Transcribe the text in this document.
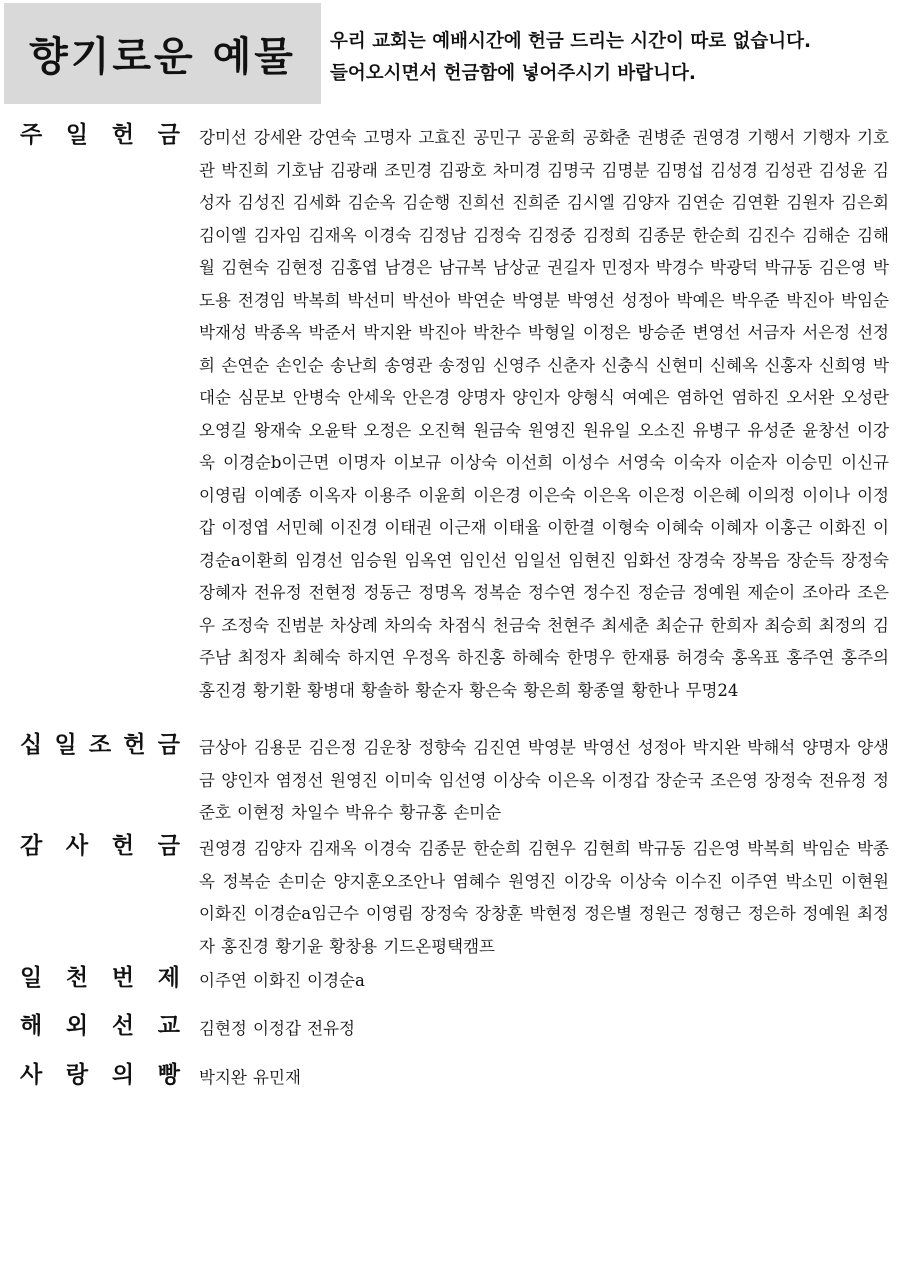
향기로운 예물 우리 교회는 예배시간에 헌금 드리는 시간이 따로 없습니다.
들어오시면서 헌금함에 넣어주시기 바랍니다.
주 일 헌 금 강미선 강세완 강연숙 고명자 고효진 공민구 공윤희 공화춘 권병준 권영경 기행서 기행자 기호관 박진희 기호남 김광래 조민경 김광호 차미경 김명국 김명분 김명섭 김성경 김성관 김성윤 김성자 김성진 김세화 김순옥 김순행 진희선 진희준 김시엘 김양자 김연순 김연환 김원자 김은회 김이엘 김자임 김재옥 이경숙 김정남 김정숙 김정중 김정희 김종문 한순희 김진수 김해순 김해월 김현숙 김현정 김홍엽 남경은 남규복 남상균 권길자 민정자 박경수 박광덕 박규동 김은영 박도용 전경임 박복희 박선미 박선아 박연순 박영분 박영선 성정아 박예은 박우준 박진아 박임순 박재성 박종옥 박준서 박지완 박진아 박찬수 박형일 이정은 방승준 변영선 서금자 서은정 선정희 손연순 손인순 송난희 송영관 송정임 신영주 신춘자 신충식 신현미 신혜옥 신홍자 신희영 박대순 심문보 안병숙 안세욱 안은경 양명자 양인자 양형식 여예은 염하언 염하진 오서완 오성란 오영길 왕재숙 오윤탁 오정은 오진혁 원금숙 원영진 원유일 오소진 유병구 유성준 윤창선 이강욱 이경순b이근면 이명자 이보규 이상숙 이선희 이성수 서영숙 이숙자 이순자 이승민 이신규 이영림 이예종 이옥자 이용주 이윤희 이은경 이은숙 이은옥 이은정 이은혜 이의정 이이나 이정갑 이정엽 서민혜 이진경 이태권 이근재 이태율 이한결 이형숙 이혜숙 이혜자 이홍근 이화진 이경순a이환희 임경선 임승원 임옥연 임인선 임일선 임현진 임화선 장경숙 장복음 장순득 장정숙 장혜자 전유정 전현정 정동근 정명옥 정복순 정수연 정수진 정순금 정예원 제순이 조아라 조은우 조정숙 진범분 차상례 차의숙 차점식 천금숙 천현주 최세춘 최순규 한희자 최승희 최정의 김주남 최정자 최혜숙 하지연 우정옥 하진홍 하혜숙 한명우 한재룡 허경숙 홍옥표 홍주연 홍주의 홍진경 황기환 황병대 황솔하 황순자 황은숙 황은희 황종열 황한나 무명24
십 일 조 헌 금 금상아 김용문 김은정 김운창 정향숙 김진연 박영분 박영선 성정아 박지완 박해석 양명자 양생금 양인자 염정선 원영진 이미숙 임선영 이상숙 이은옥 이정갑 장순국 조은영 장정숙 전유정 정준호 이현정 차일수 박유수 황규홍 손미순
감 사 헌 금 권영경 김양자 김재옥 이경숙 김종문 한순희 김현우 김현희 박규동 김은영 박복희 박임순 박종옥 정복순 손미순 양지훈오조안나 염혜수 원영진 이강욱 이상숙 이수진 이주연 박소민 이현원 이화진 이경순a임근수 이영림 장정숙 장창훈 박현정 정은별 정원근 정형근 정은하 정예원 최정자 홍진경 황기윤 황창용 기드온평택캠프
일 천 번 제 이주연 이화진 이경순a
해 외 선 교 김현정 이정갑 전유정
사 랑 의 빵 박지완 유민재
